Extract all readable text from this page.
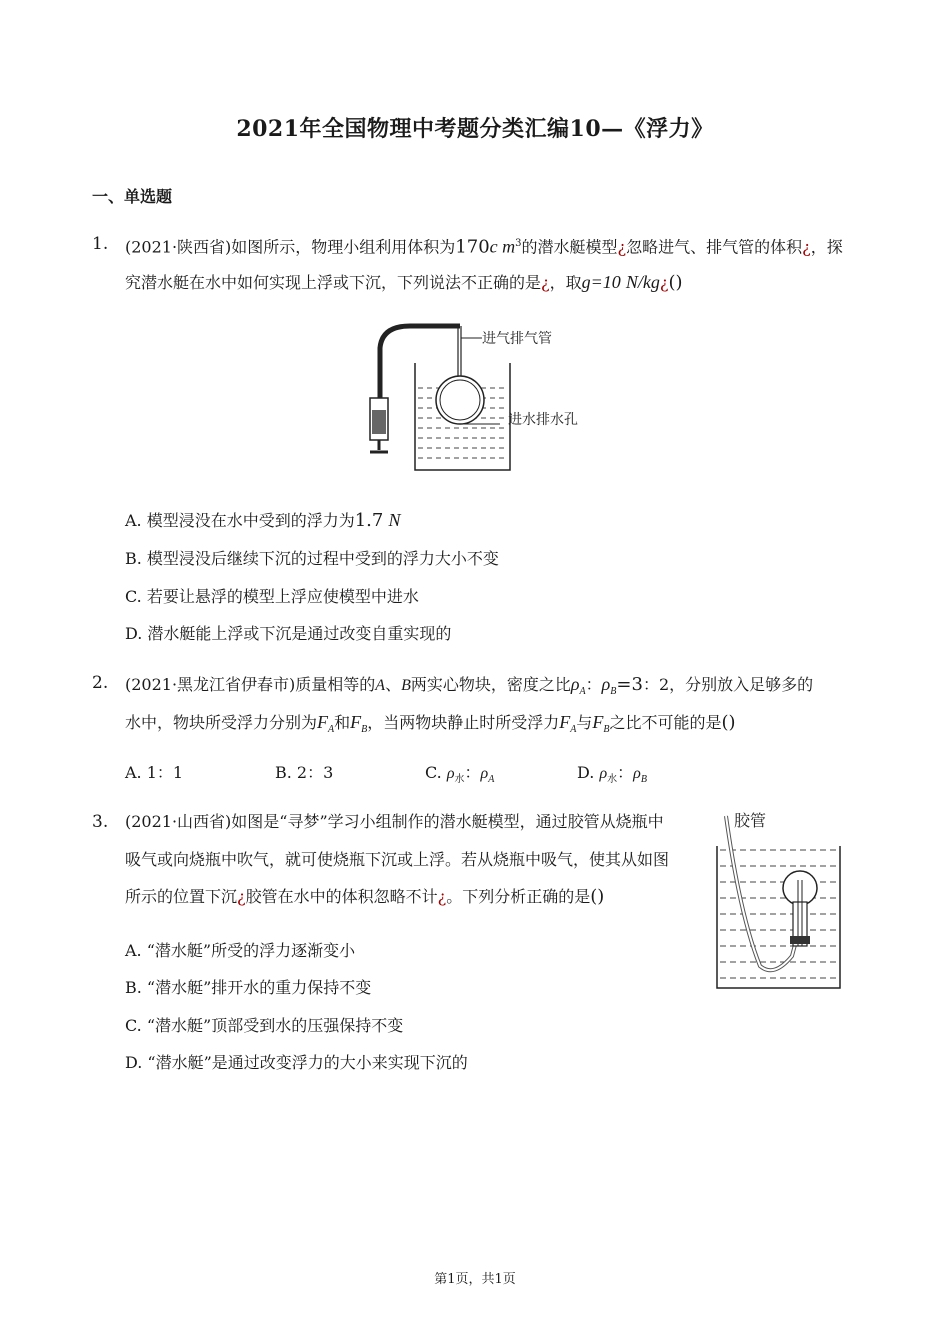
2021年全国物理中考题分类汇编10—《浮力》
一、单选题
1. (2021·陕西省)如图所示，物理小组利用体积为170c $m^3$的潜水艇模型¿忽略进气、排气管的体积¿，探
究潜水艇在水中如何实现上浮或下沉，下列说法不正确的是¿，取g=10 N/kg¿()
进气排气管
进水排水孔
A. 模型浸没在水中受到的浮力为1.7 N
B. 模型浸没后继续下沉的过程中受到的浮力大小不变
C. 若要让悬浮的模型上浮应使模型中进水
D. 潜水艇能上浮或下沉是通过改变自重实现的
2. (2021·黑龙江省伊春市)质量相等的A、B两实心物块，密度之比$\rho_A$：$\rho_B=3$：2，分别放入足够多的
水中，物块所受浮力分别为$F_A$和$F_B$，当两物块静止时所受浮力$F_A$与$F_B$之比不可能的是()
A. 1：1	B. 2：3	C. $\rho_水$：$\rho_A$	D. $\rho_水$：$\rho_B$
3. (2021·山西省)如图是“寻梦”学习小组制作的潜水艇模型，通过胶管从烧瓶中
吸气或向烧瓶中吹气，就可使烧瓶下沉或上浮。若从烧瓶中吸气，使其从如图
所示的位置下沉¿胶管在水中的体积忽略不计¿。下列分析正确的是()
胶管
A. “潜水艇”所受的浮力逐渐变小
B. “潜水艇”排开水的重力保持不变
C. “潜水艇”顶部受到水的压强保持不变
D. “潜水艇”是通过改变浮力的大小来实现下沉的
第1页，共1页
